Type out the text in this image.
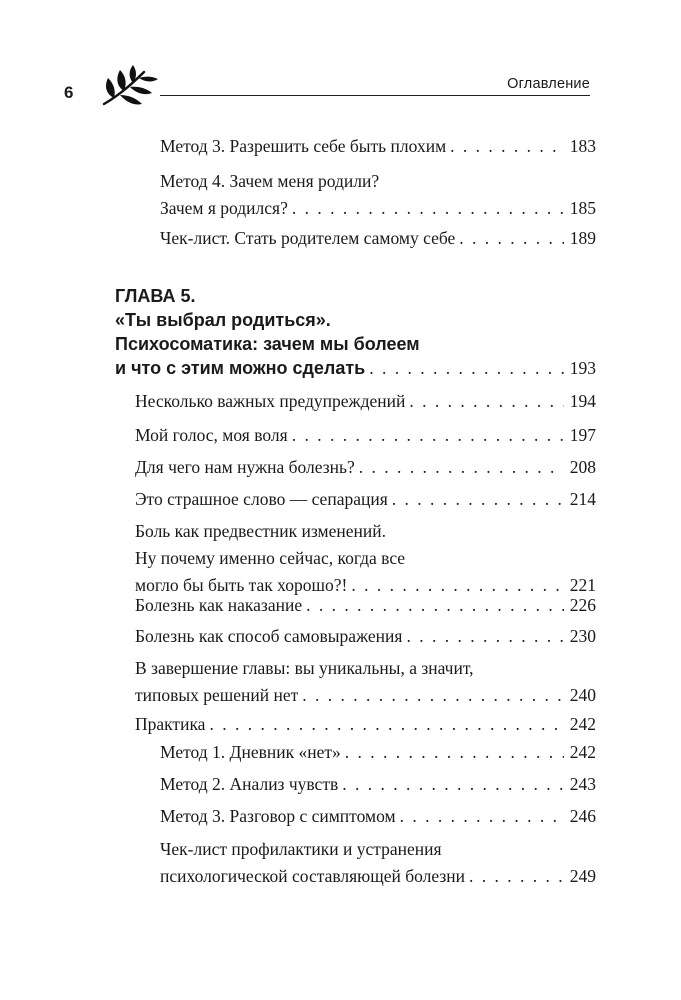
6	Оглавление
Метод 3. Разрешить себе быть плохим . . .	183
Метод 4. Зачем меня родили?
Зачем я родился? . . .	185
Чек-лист. Стать родителем самому себе . . .	189
ГЛАВА 5.
«Ты выбрал родиться».
Психосоматика: зачем мы болеем
и что с этим можно сделать . . .	193
Несколько важных предупреждений . . .	194
Мой голос, моя воля . . .	197
Для чего нам нужна болезнь? . . .	208
Это страшное слово — сепарация . . .	214
Боль как предвестник изменений.
Ну почему именно сейчас, когда все
могло бы быть так хорошо?! . . .	221
Болезнь как наказание . . .	226
Болезнь как способ самовыражения . . .	230
В завершение главы: вы уникальны, а значит,
типовых решений нет . . .	240
Практика . . .	242
Метод 1. Дневник «нет» . . .	242
Метод 2. Анализ чувств . . .	243
Метод 3. Разговор с симптомом . . .	246
Чек-лист профилактики и устранения
психологической составляющей болезни . . .	249
